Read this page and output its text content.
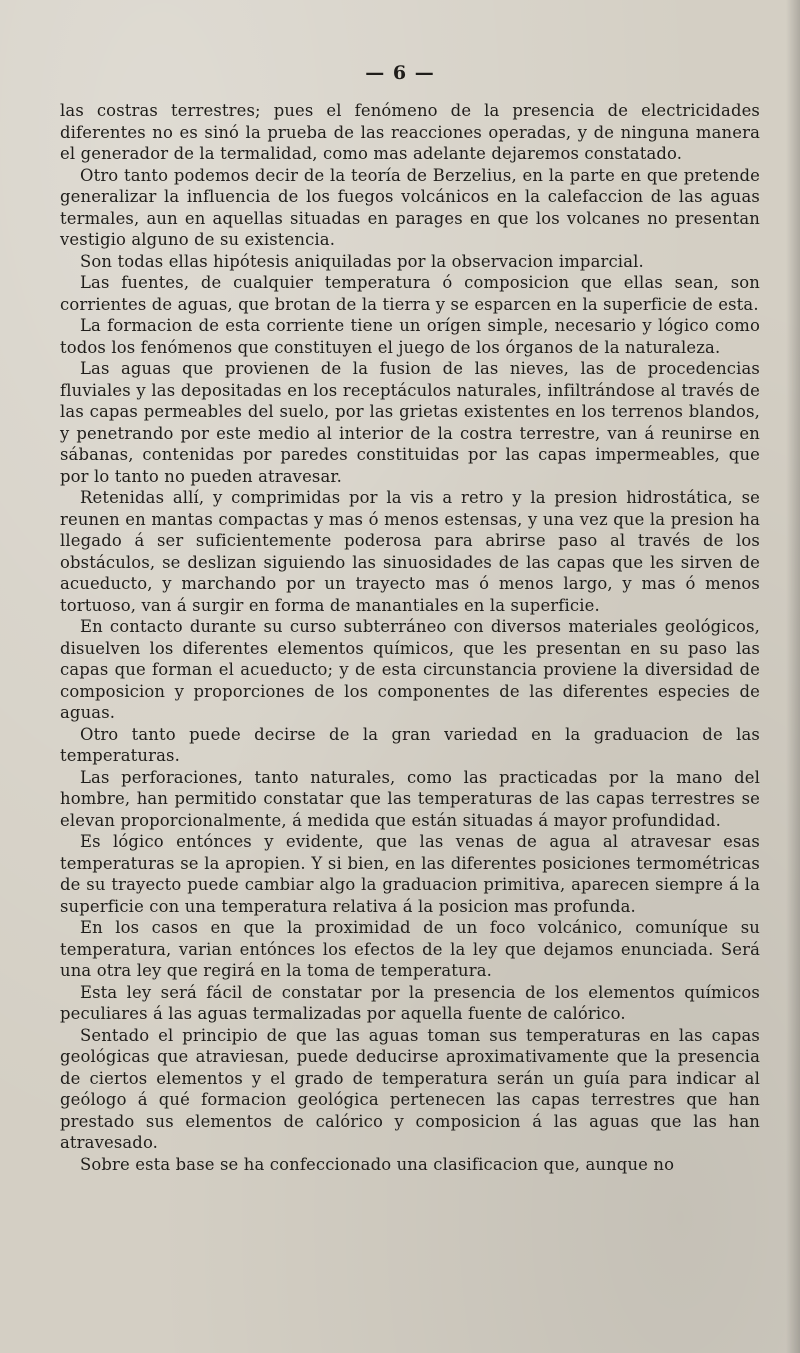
— 6 —

las costras terrestres; pues el fenómeno de la presencia de electricidades diferentes no es sinó la prueba de las reacciones operadas, y de ninguna manera el generador de la termalidad, como mas adelante dejaremos constatado.

Otro tanto podemos decir de la teoría de Berzelius, en la parte en que pretende generalizar la influencia de los fuegos volcánicos en la calefaccion de las aguas termales, aun en aquellas situadas en parages en que los volcanes no presentan vestigio alguno de su existencia.

Son todas ellas hipótesis aniquiladas por la observacion imparcial.

Las fuentes, de cualquier temperatura ó composicion que ellas sean, son corrientes de aguas, que brotan de la tierra y se esparcen en la superficie de esta.

La formacion de esta corriente tiene un orígen simple, necesario y lógico como todos los fenómenos que constituyen el juego de los órganos de la naturaleza.

Las aguas que provienen de la fusion de las nieves, las de procedencias fluviales y las depositadas en los receptáculos naturales, infiltrándose al través de las capas permeables del suelo, por las grietas existentes en los terrenos blandos, y penetrando por este medio al interior de la costra terrestre, van á reunirse en sábanas, contenidas por paredes constituidas por las capas impermeables, que por lo tanto no pueden atravesar.

Retenidas allí, y comprimidas por la vis a retro y la presion hidrostática, se reunen en mantas compactas y mas ó menos estensas, y una vez que la presion ha llegado á ser suficientemente poderosa para abrirse paso al través de los obstáculos, se deslizan siguiendo las sinuosidades de las capas que les sirven de acueducto, y marchando por un trayecto mas ó menos largo, y mas ó menos tortuoso, van á surgir en forma de manantiales en la superficie.

En contacto durante su curso subterráneo con diversos materiales geológicos, disuelven los diferentes elementos químicos, que les presentan en su paso las capas que forman el acueducto; y de esta circunstancia proviene la diversidad de composicion y proporciones de los componentes de las diferentes especies de aguas.

Otro tanto puede decirse de la gran variedad en la graduacion de las temperaturas.

Las perforaciones, tanto naturales, como las practicadas por la mano del hombre, han permitido constatar que las temperaturas de las capas terrestres se elevan proporcionalmente, á medida que están situadas á mayor profundidad.

Es lógico entónces y evidente, que las venas de agua al atravesar esas temperaturas se la apropien. Y si bien, en las diferentes posiciones termométricas de su trayecto puede cambiar algo la graduacion primitiva, aparecen siempre á la superficie con una temperatura relativa á la posicion mas profunda.

En los casos en que la proximidad de un foco volcánico, comuníque su temperatura, varian entónces los efectos de la ley que dejamos enunciada. Será una otra ley que regirá en la toma de temperatura.

Esta ley será fácil de constatar por la presencia de los elementos químicos peculiares á las aguas termalizadas por aquella fuente de calórico.

Sentado el principio de que las aguas toman sus temperaturas en las capas geológicas que atraviesan, puede deducirse aproximativamente que la presencia de ciertos elementos y el grado de temperatura serán un guía para indicar al geólogo á qué formacion geológica pertenecen las capas terrestres que han prestado sus elementos de calórico y composicion á las aguas que las han atravesado.

Sobre esta base se ha confeccionado una clasificacion que, aunque no
